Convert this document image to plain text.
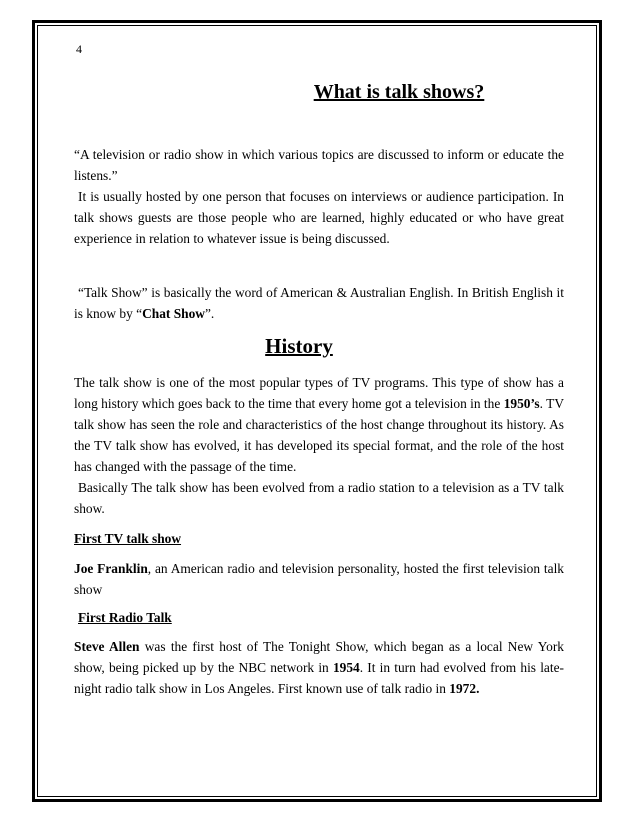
4
What is talk shows?

“A television or radio show in which various topics are discussed to inform or educate the listens.”

It is usually hosted by one person that focuses on interviews or audience participation. In talk shows guests are those people who are learned, highly educated or who have great experience in relation to whatever issue is being discussed.

“Talk Show” is basically the word of American & Australian English. In British English it is know by “Chat Show”.

History

The talk show is one of the most popular types of TV programs. This type of show has a long history which goes back to the time that every home got a television in the 1950’s. TV talk show has seen the role and characteristics of the host change throughout its history. As the TV talk show has evolved, it has developed its special format, and the role of the host has changed with the passage of the time.

Basically The talk show has been evolved from a radio station to a television as a TV talk show.

First TV talk show

Joe Franklin, an American radio and television personality, hosted the first television talk show

First Radio Talk

Steve Allen was the first host of The Tonight Show, which began as a local New York show, being picked up by the NBC network in 1954. It in turn had evolved from his late-night radio talk show in Los Angeles. First known use of talk radio in 1972.
